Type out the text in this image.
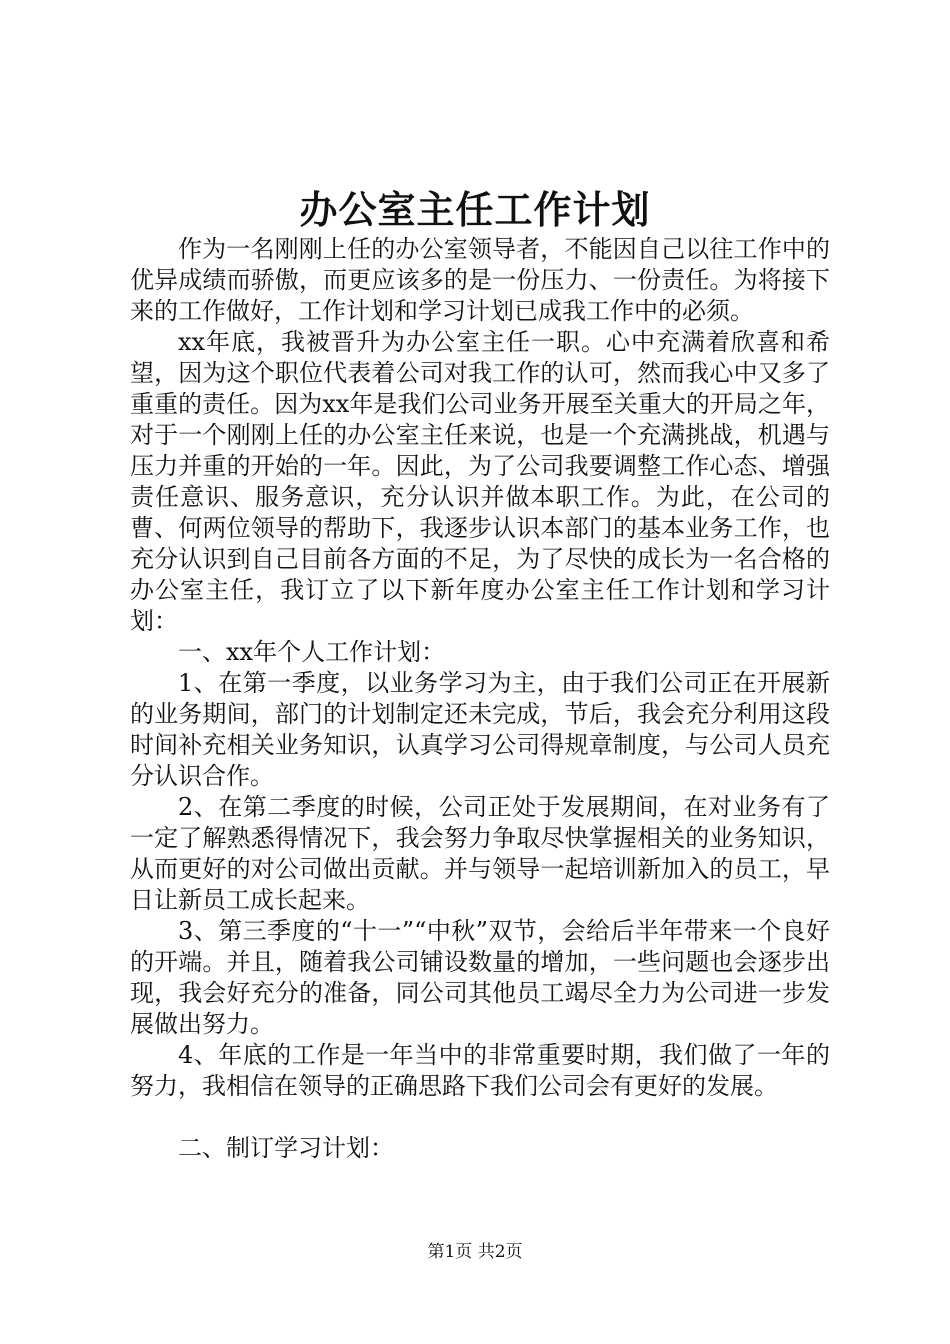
办公室主任工作计划

作为一名刚刚上任的办公室领导者，不能因自己以往工作中的优异成绩而骄傲，而更应该多的是一份压力、一份责任。为将接下来的工作做好，工作计划和学习计划已成我工作中的必须。

xx年底，我被晋升为办公室主任一职。心中充满着欣喜和希望，因为这个职位代表着公司对我工作的认可，然而我心中又多了重重的责任。因为xx年是我们公司业务开展至关重大的开局之年，对于一个刚刚上任的办公室主任来说，也是一个充满挑战，机遇与压力并重的开始的一年。因此，为了公司我要调整工作心态、增强责任意识、服务意识，充分认识并做本职工作。为此，在公司的曹、何两位领导的帮助下，我逐步认识本部门的基本业务工作，也充分认识到自己目前各方面的不足，为了尽快的成长为一名合格的办公室主任，我订立了以下新年度办公室主任工作计划和学习计划：

一、xx年个人工作计划：

1、在第一季度，以业务学习为主，由于我们公司正在开展新的业务期间，部门的计划制定还未完成，节后，我会充分利用这段时间补充相关业务知识，认真学习公司得规章制度，与公司人员充分认识合作。

2、在第二季度的时候，公司正处于发展期间，在对业务有了一定了解熟悉得情况下，我会努力争取尽快掌握相关的业务知识，从而更好的对公司做出贡献。并与领导一起培训新加入的员工，早日让新员工成长起来。

3、第三季度的“十一”“中秋”双节，会给后半年带来一个良好的开端。并且，随着我公司铺设数量的增加，一些问题也会逐步出现，我会好充分的准备，同公司其他员工竭尽全力为公司进一步发展做出努力。

4、年底的工作是一年当中的非常重要时期，我们做了一年的努力，我相信在领导的正确思路下我们公司会有更好的发展。

二、制订学习计划：

第1页 共2页
